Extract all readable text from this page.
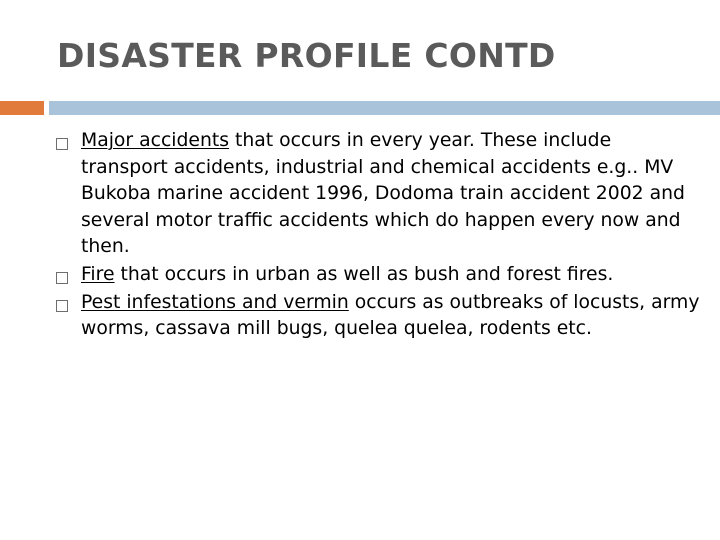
DISASTER PROFILE CONTD
Major accidents that occurs in every year. These include transport accidents, industrial and chemical accidents e.g.. MV Bukoba marine accident 1996, Dodoma train accident 2002 and several motor traffic accidents which do happen every now and then.
Fire that occurs in urban as well as bush and forest fires.
Pest infestations and vermin occurs as outbreaks of locusts, army worms, cassava mill bugs, quelea quelea, rodents etc.
